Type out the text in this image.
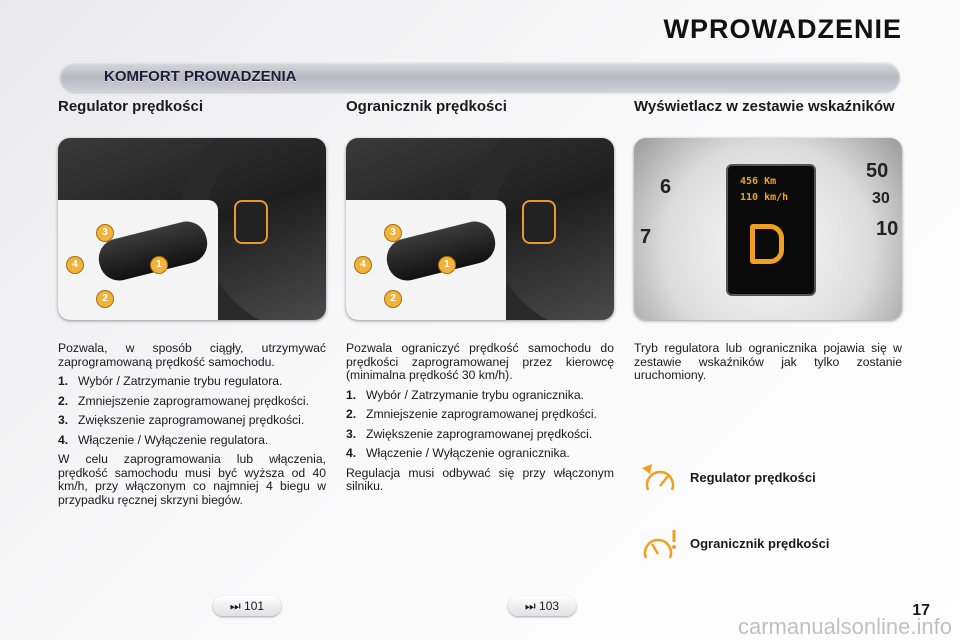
WPROWADZENIE
KOMFORT PROWADZENIA
Regulator prędkości
3
4	1
2

Pozwala, w sposób ciągły, utrzymywać zaprogramowaną prędkość samochodu.

1. Wybór / Zatrzymanie trybu regulatora.
2. Zmniejszenie zaprogramowanej prędkości.
3. Zwiększenie zaprogramowanej prędkości.
4. Włączenie / Wyłączenie regulatora.

W celu zaprogramowania lub włączenia, prędkość samochodu musi być wyższa od 40 km/h, przy włączonym co najmniej 4 biegu w przypadku ręcznej skrzyni biegów.

Ogranicznik prędkości
3
4	1
2

Pozwala ograniczyć prędkość samochodu do prędkości zaprogramowanej przez kierowcę (minimalna prędkość 30 km/h).

1. Wybór / Zatrzymanie trybu ogranicznika.
2. Zmniejszenie zaprogramowanej prędkości.
3. Zwiększenie zaprogramowanej prędkości.
4. Włączenie / Wyłączenie ogranicznika.

Regulacja musi odbywać się przy włączonym silniku.

Wyświetlacz w zestawie wskaźników
6
7
50
30
10
456 Km
110 km/h

Tryb regulatora lub ogranicznika pojawia się w zestawie wskaźników jak tylko zostanie uruchomiony.

Regulator prędkości
Ogranicznik prędkości
⏭ 101	⏭ 103	17
carmanualsonline.info
